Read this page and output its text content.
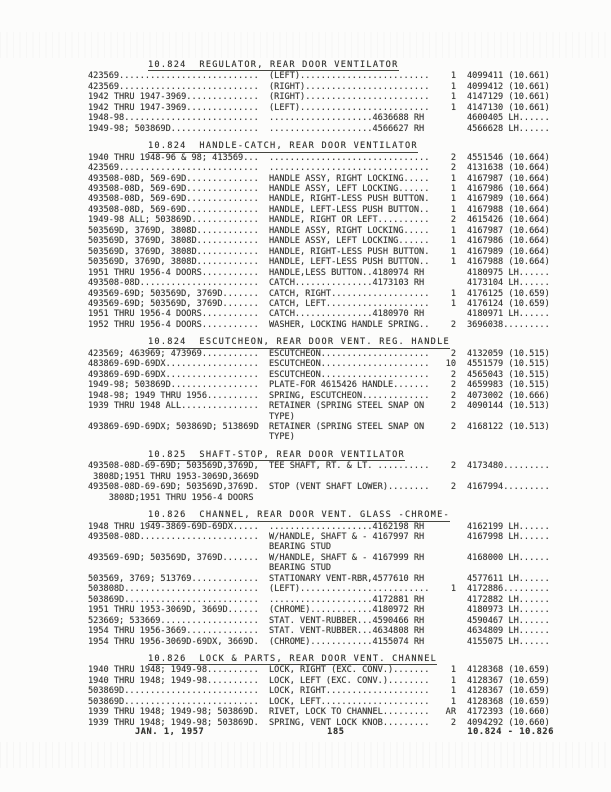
10.824  REGULATOR, REAR DOOR VENTILATOR
423569...........................	(LEFT).........................	1 4099411 (10.661)
423569...........................	(RIGHT)........................	1 4099412 (10.661)
1942 THRU 1947-3969..............	(RIGHT)........................	1 4147129 (10.661)
1942 THRU 1947-3969..............	(LEFT).........................	1 4147130 (10.661)
1948-98..........................	....................4636688 RH	4600405 LH......
1949-98; 503869D.................	....................4566627 RH	4566628 LH......
10.824  HANDLE-CATCH, REAR DOOR VENTILATOR
1940 THRU 1948-96 & 98; 413569...	...............................	2 4551546 (10.664)
423569...........................	...............................	2 4131638 (10.664)
493508-08D, 569-69D..............	HANDLE ASSY, RIGHT LOCKING.....	1 4167987 (10.664)
493508-08D, 569-69D..............	HANDLE ASSY, LEFT LOCKING......	1 4167986 (10.664)
493508-08D, 569-69D..............	HANDLE, RIGHT-LESS PUSH BUTTON.	1 4167989 (10.664)
493508-08D, 569-69D..............	HANDLE, LEFT-LESS PUSH BUTTON..	1 4167988 (10.664)
1949-98 ALL; 503869D.............	HANDLE, RIGHT OR LEFT..........	2 4615426 (10.664)
503569D, 3769D, 3808D............	HANDLE ASSY, RIGHT LOCKING.....	1 4167987 (10.664)
503569D, 3769D, 3808D............	HANDLE ASSY, LEFT LOCKING......	1 4167986 (10.664)
503569D, 3769D, 3808D............	HANDLE, RIGHT-LESS PUSH BUTTON.	1 4167989 (10.664)
503569D, 3769D, 3808D............	HANDLE, LEFT-LESS PUSH BUTTON..	1 4167988 (10.664)
1951 THRU 1956-4 DOORS...........	HANDLE,LESS BUTTON..4180974 RH	4180975 LH......
493508-08D.......................	CATCH...............4173103 RH	4173104 LH......
493569-69D; 503569D, 3769D.......	CATCH, RIGHT...................	1 4176125 (10.659)
493569-69D; 503569D, 3769D.......	CATCH, LEFT....................	1 4176124 (10.659)
1951 THRU 1956-4 DOORS...........	CATCH...............4180970 RH	4180971 LH......
1952 THRU 1956-4 DOORS...........	WASHER, LOCKING HANDLE SPRING..	2 3696038.........
10.824  ESCUTCHEON, REAR DOOR VENT. REG. HANDLE
423569; 463969; 473969...........	ESCUTCHEON.....................	2 4132059 (10.515)
483869-69D-69DX..................	ESCUTCHEON.....................	10 4551579 (10.515)
493869-69D-69DX..................	ESCUTCHEON.....................	2 4565043 (10.515)
1949-98; 503869D.................	PLATE-FOR 4615426 HANDLE.......	2 4659983 (10.515)
1948-98; 1949 THRU 1956..........	SPRING, ESCUTCHEON.............	2 4073002 (10.666)
1939 THRU 1948 ALL...............	RETAINER (SPRING STEEL SNAP ON	2 4090144 (10.513)
TYPE)
493869-69D-69DX; 503869D; 513869D	RETAINER (SPRING STEEL SNAP ON	2 4168122 (10.513)
TYPE)
10.825  SHAFT-STOP, REAR DOOR VENTILATOR
493508-08D-69-69D; 503569D,3769D,	TEE SHAFT, RT. & LT. ..........	2 4173480.........
3808D;1951 THRU 1953-3069D,3669D
493508-08D-69-69D; 503569D,3769D.	STOP (VENT SHAFT LOWER)........	2 4167994.........
3808D;1951 THRU 1956-4 DOORS
10.826  CHANNEL, REAR DOOR VENT. GLASS -CHROME-
1948 THRU 1949-3869-69D-69DX.....	....................4162198 RH	4162199 LH......
493508-08D.......................	W/HANDLE, SHAFT & - 4167997 RH	4167998 LH......
BEARING STUD
493569-69D; 503569D, 3769D.......	W/HANDLE, SHAFT & - 4167999 RH	4168000 LH......
BEARING STUD
503569, 3769; 513769.............	STATIONARY VENT-RBR,4577610 RH	4577611 LH......
503808D..........................	(LEFT).........................	1 4172886.........
503869D..........................	....................4172881 RH	4172882 LH......
1951 THRU 1953-3069D, 3669D......	(CHROME)............4180972 RH	4180973 LH......
523669; 533669...................	STAT. VENT-RUBBER...4590466 RH	4590467 LH......
1954 THRU 1956-3669..............	STAT. VENT-RUBBER...4634808 RH	4634809 LH......
1954 THRU 1956-3069D-69DX, 3669D.	(CHROME)............4155074 RH	4155075 LH......
10.826  LOCK & PARTS, REAR DOOR VENT. CHANNEL
1940 THRU 1948; 1949-98..........	LOCK, RIGHT (EXC. CONV.).......	1 4128368 (10.659)
1940 THRU 1948; 1949-98..........	LOCK, LEFT (EXC. CONV.)........	1 4128367 (10.659)
503869D..........................	LOCK, RIGHT....................	1 4128367 (10.659)
503869D..........................	LOCK, LEFT.....................	1 4128368 (10.659)
1939 THRU 1948; 1949-98; 503869D.	RIVET, LOCK TO CHANNEL.........	AR 4172393 (10.660)
1939 THRU 1948; 1949-98; 503869D.	SPRING, VENT LOCK KNOB.........	2 4094292 (10.660)
JAN. 1, 1957	185	10.824 - 10.826
